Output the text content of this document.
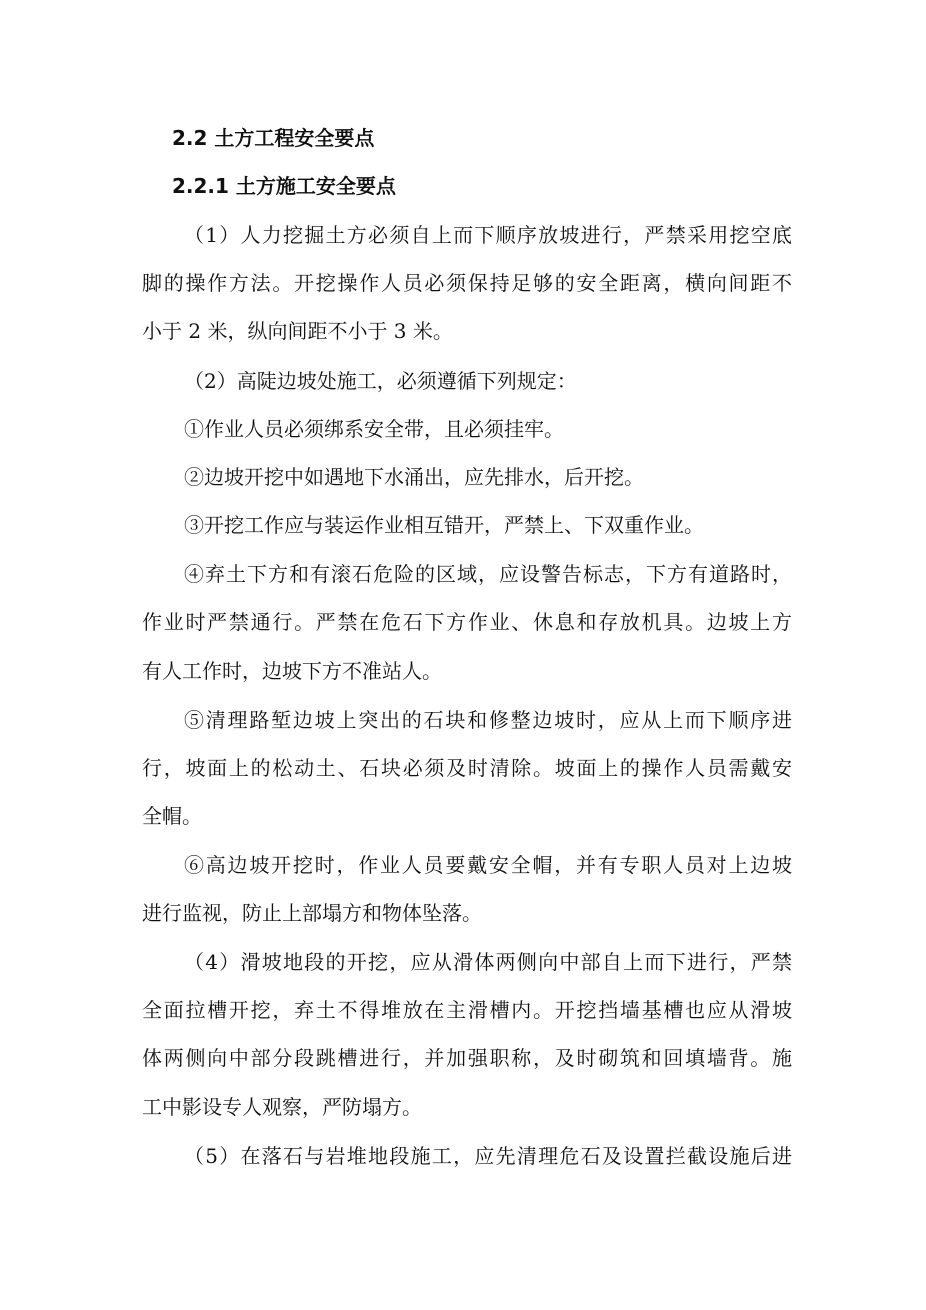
2.2 土方工程安全要点
2.2.1 土方施工安全要点
（1）人力挖掘土方必须自上而下顺序放坡进行，严禁采用挖空底
脚的操作方法。开挖操作人员必须保持足够的安全距离，横向间距不
小于 2 米，纵向间距不小于 3 米。
（2）高陡边坡处施工，必须遵循下列规定：
①作业人员必须绑系安全带，且必须挂牢。
②边坡开挖中如遇地下水涌出，应先排水，后开挖。
③开挖工作应与装运作业相互错开，严禁上、下双重作业。
④弃土下方和有滚石危险的区域，应设警告标志，下方有道路时，
作业时严禁通行。严禁在危石下方作业、休息和存放机具。边坡上方
有人工作时，边坡下方不准站人。
⑤清理路堑边坡上突出的石块和修整边坡时，应从上而下顺序进
行，坡面上的松动土、石块必须及时清除。坡面上的操作人员需戴安
全帽。
⑥高边坡开挖时，作业人员要戴安全帽，并有专职人员对上边坡
进行监视，防止上部塌方和物体坠落。
（4）滑坡地段的开挖，应从滑体两侧向中部自上而下进行，严禁
全面拉槽开挖，弃土不得堆放在主滑槽内。开挖挡墙基槽也应从滑坡
体两侧向中部分段跳槽进行，并加强职称，及时砌筑和回填墙背。施
工中影设专人观察，严防塌方。
（5）在落石与岩堆地段施工，应先清理危石及设置拦截设施后进
